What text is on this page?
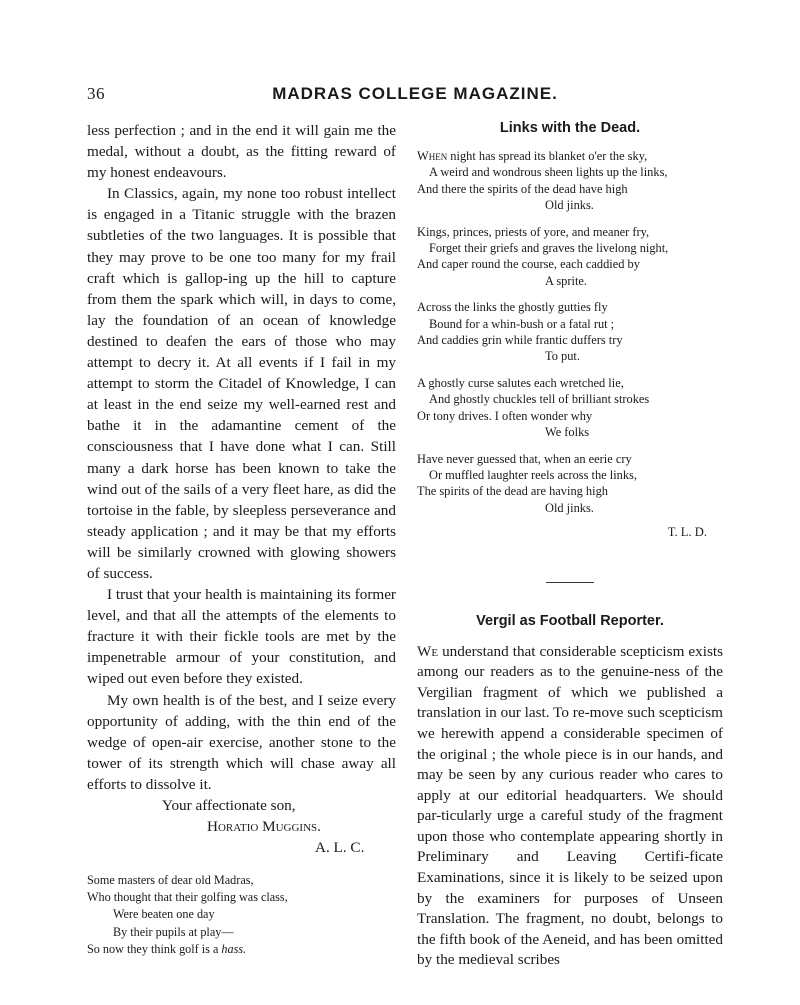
36	MADRAS COLLEGE MAGAZINE.

less perfection ; and in the end it will gain me the medal, without a doubt, as the fitting reward of my honest endeavours.

In Classics, again, my none too robust intellect is engaged in a Titanic struggle with the brazen subtleties of the two languages. It is possible that they may prove to be one too many for my frail craft which is gallop-ing up the hill to capture from them the spark which will, in days to come, lay the foundation of an ocean of knowledge destined to deafen the ears of those who may attempt to decry it. At all events if I fail in my attempt to storm the Citadel of Knowledge, I can at least in the end seize my well-earned rest and bathe it in the adamantine cement of the consciousness that I have done what I can. Still many a dark horse has been known to take the wind out of the sails of a very fleet hare, as did the tortoise in the fable, by sleepless perseverance and steady application ; and it may be that my efforts will be similarly crowned with glowing showers of success.

I trust that your health is maintaining its former level, and that all the attempts of the elements to fracture it with their fickle tools are met by the impenetrable armour of your constitution, and wiped out even before they existed.

My own health is of the best, and I seize every opportunity of adding, with the thin end of the wedge of open-air exercise, another stone to the tower of its strength which will chase away all efforts to dissolve it.

Your affectionate son,
Horatio Muggins.
A. L. C.
Some masters of dear old Madras,
Who thought that their golfing was class,
Were beaten one day
By their pupils at play—
So now they think golf is a hass.
Links with the Dead.
When night has spread its blanket o'er the sky,
A weird and wondrous sheen lights up the links,
And there the spirits of the dead have high
Old jinks.
Kings, princes, priests of yore, and meaner fry,
Forget their griefs and graves the livelong night,
And caper round the course, each caddied by
A sprite.
Across the links the ghostly gutties fly
Bound for a whin-bush or a fatal rut ;
And caddies grin while frantic duffers try
To put.
A ghostly curse salutes each wretched lie,
And ghostly chuckles tell of brilliant strokes
Or tony drives. I often wonder why
We folks
Have never guessed that, when an eerie cry
Or muffled laughter reels across the links,
The spirits of the dead are having high
Old jinks.
T. L. D.
Vergil as Football Reporter.

We understand that considerable scepticism exists among our readers as to the genuine-ness of the Vergilian fragment of which we published a translation in our last. To re-move such scepticism we herewith append a considerable specimen of the original ; the whole piece is in our hands, and may be seen by any curious reader who cares to apply at our editorial headquarters. We should par-ticularly urge a careful study of the fragment upon those who contemplate appearing shortly in Preliminary and Leaving Certifi-ficate Examinations, since it is likely to be seized upon by the examiners for purposes of Unseen Translation. The fragment, no doubt, belongs to the fifth book of the Aeneid, and has been omitted by the medieval scribes
